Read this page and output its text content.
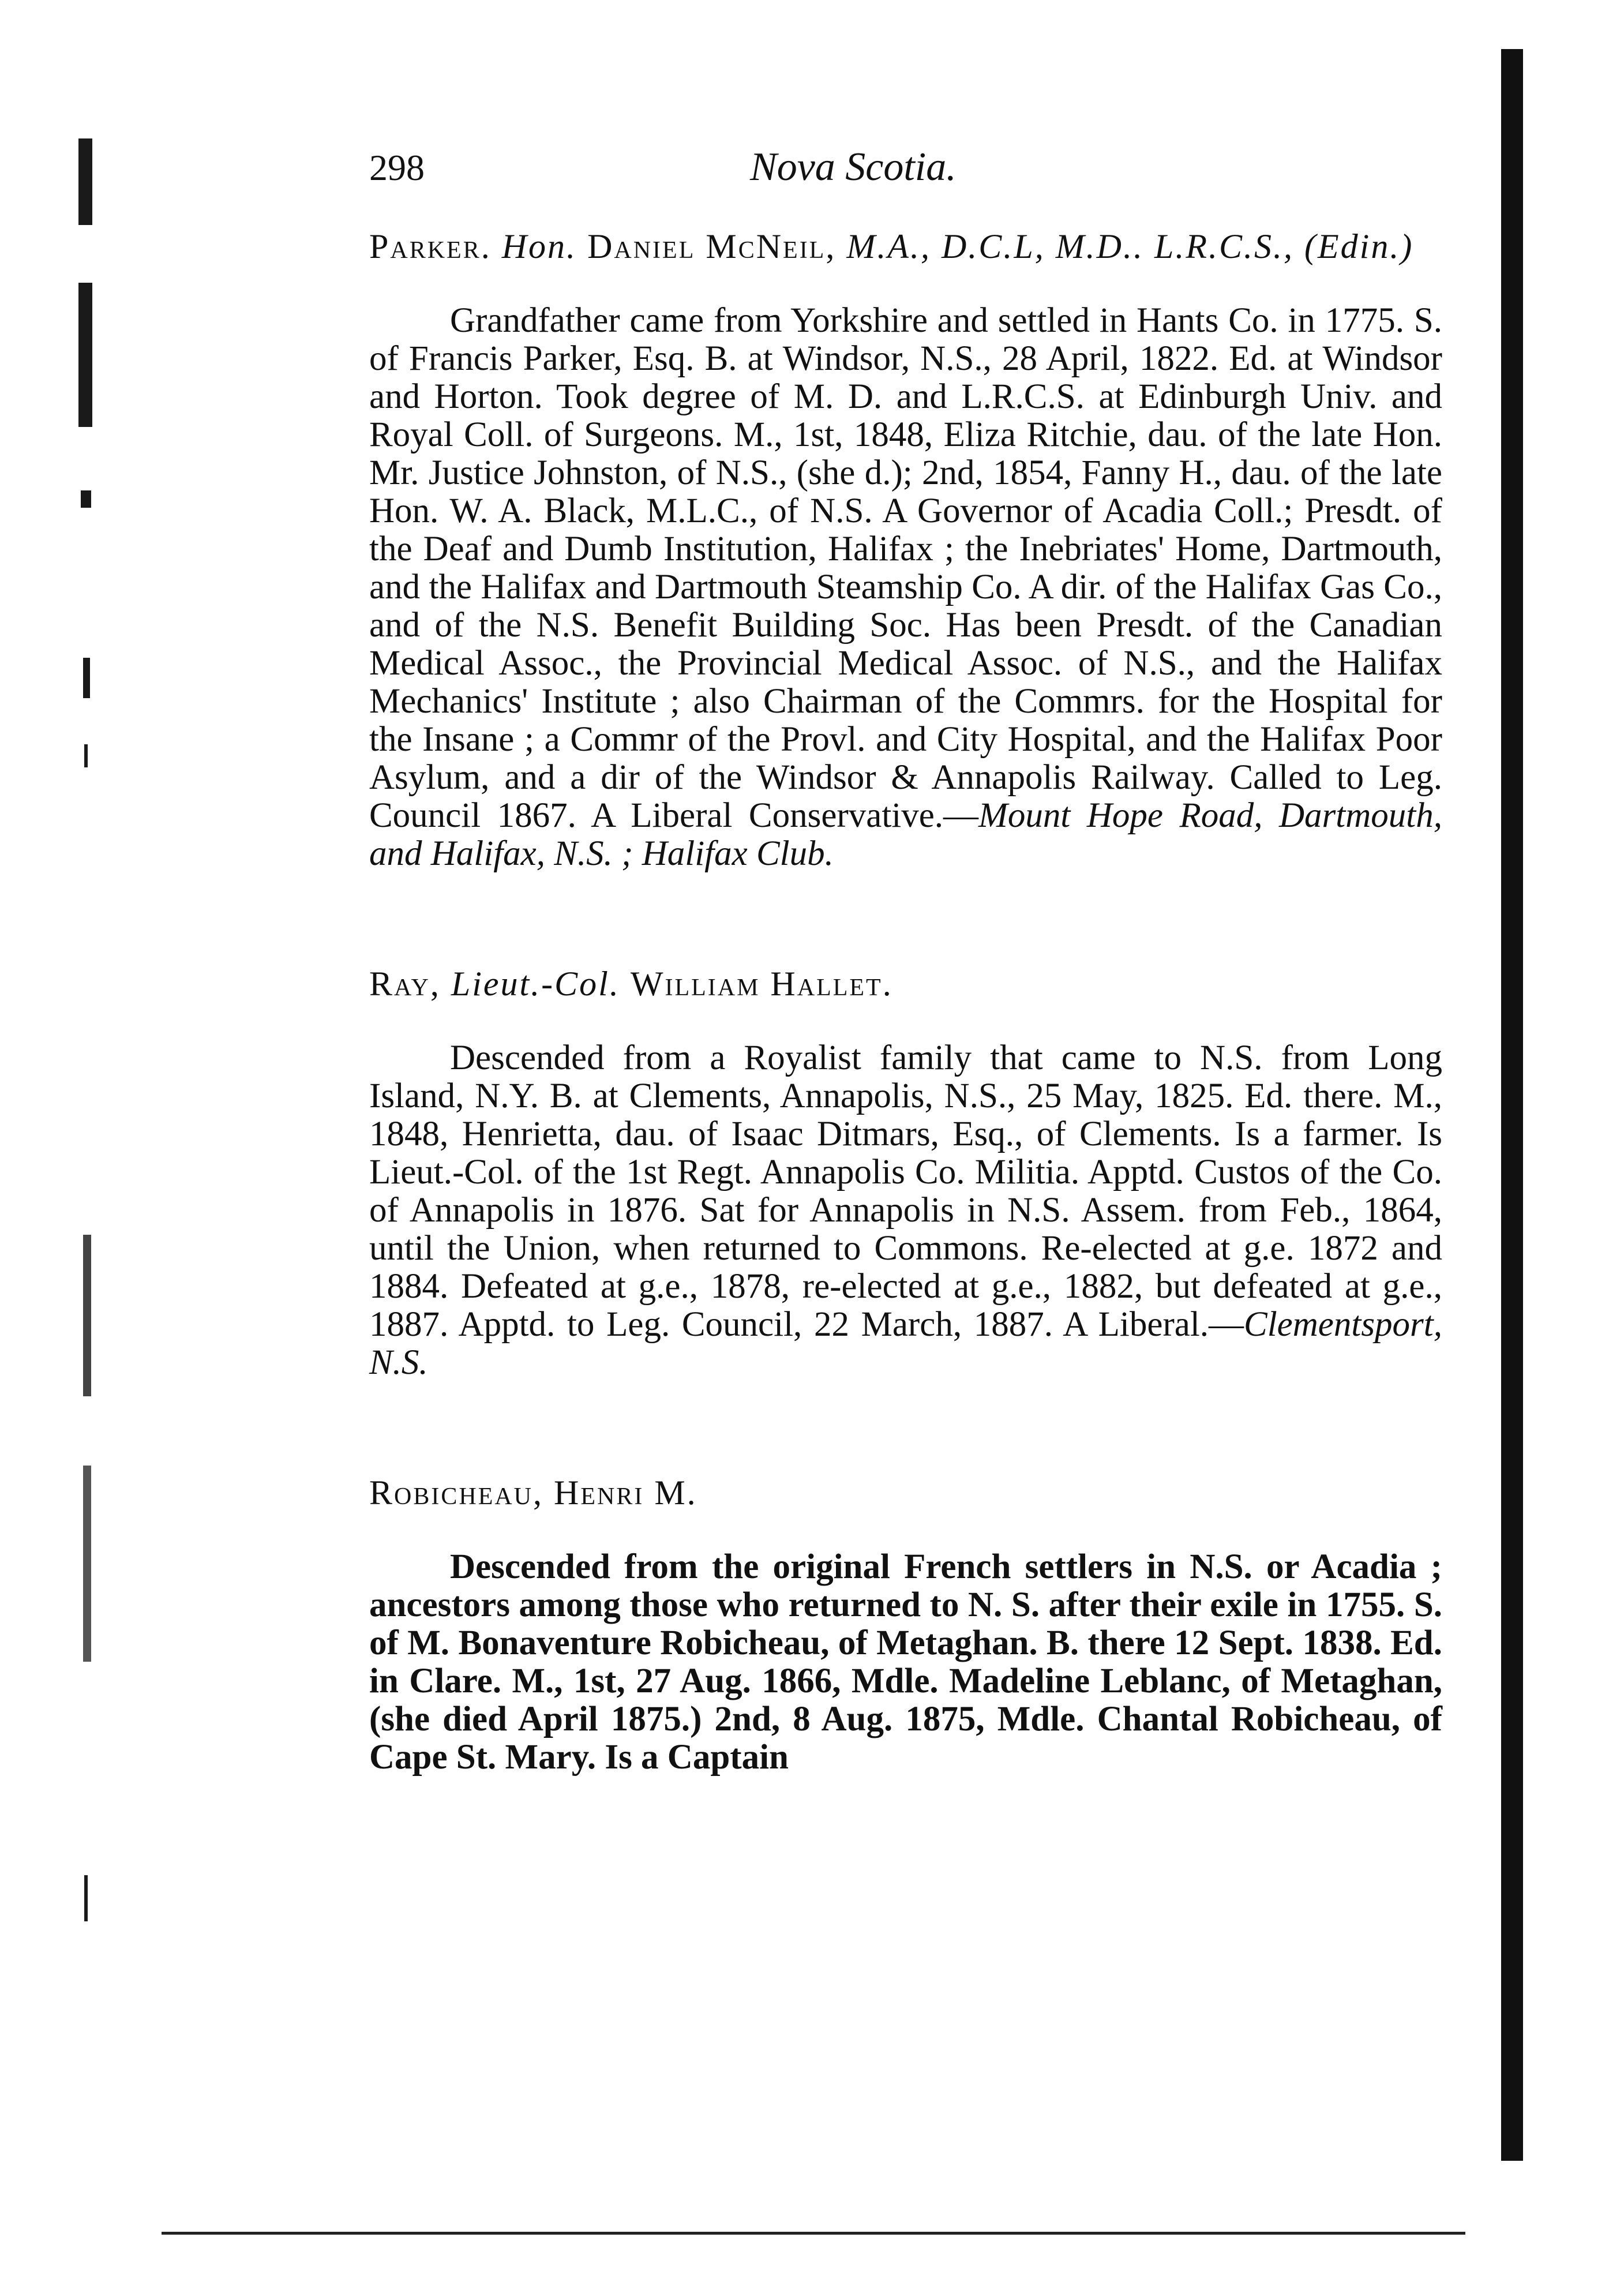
298	Nova Scotia.
Parker. Hon. Daniel McNeil, M.A., D.C.L, M.D.. L.R.C.S., (Edin.)

Grandfather came from Yorkshire and settled in Hants Co. in 1775. S. of Francis Parker, Esq. B. at Windsor, N.S., 28 April, 1822. Ed. at Windsor and Horton. Took degree of M. D. and L.R.C.S. at Edinburgh Univ. and Royal Coll. of Surgeons. M., 1st, 1848, Eliza Ritchie, dau. of the late Hon. Mr. Justice Johnston, of N.S., (she d.); 2nd, 1854, Fanny H., dau. of the late Hon. W. A. Black, M.L.C., of N.S. A Governor of Acadia Coll.; Presdt. of the Deaf and Dumb Institution, Halifax ; the Inebriates' Home, Dartmouth, and the Halifax and Dartmouth Steamship Co. A dir. of the Halifax Gas Co., and of the N.S. Benefit Building Soc. Has been Presdt. of the Canadian Medical Assoc., the Provincial Medical Assoc. of N.S., and the Halifax Mechanics' Institute ; also Chairman of the Commrs. for the Hospital for the Insane ; a Commr of the Provl. and City Hospital, and the Halifax Poor Asylum, and a dir of the Windsor & Annapolis Railway. Called to Leg. Council 1867. A Liberal Conservative.—Mount Hope Road, Dartmouth, and Halifax, N.S. ; Halifax Club.

Ray, Lieut.-Col. William Hallet.

Descended from a Royalist family that came to N.S. from Long Island, N.Y. B. at Clements, Annapolis, N.S., 25 May, 1825. Ed. there. M., 1848, Henrietta, dau. of Isaac Ditmars, Esq., of Clements. Is a farmer. Is Lieut.-Col. of the 1st Regt. Annapolis Co. Militia. Apptd. Custos of the Co. of Annapolis in 1876. Sat for Annapolis in N.S. Assem. from Feb., 1864, until the Union, when returned to Commons. Re-elected at g.e. 1872 and 1884. Defeated at g.e., 1878, re-elected at g.e., 1882, but defeated at g.e., 1887. Apptd. to Leg. Council, 22 March, 1887. A Liberal.—Clementsport, N.S.

Robicheau, Henri M.

Descended from the original French settlers in N.S. or Acadia ; ancestors among those who returned to N. S. after their exile in 1755. S. of M. Bonaventure Robicheau, of Metaghan. B. there 12 Sept. 1838. Ed. in Clare. M., 1st, 27 Aug. 1866, Mdle. Madeline Leblanc, of Metaghan, (she died April 1875.) 2nd, 8 Aug. 1875, Mdle. Chantal Robicheau, of Cape St. Mary. Is a Captain
